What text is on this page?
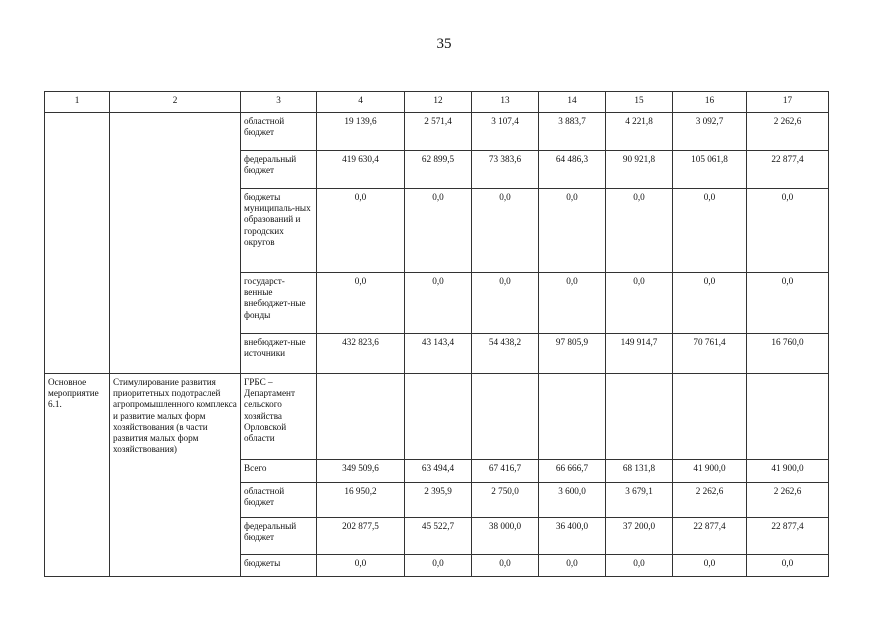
35
1	2	3	4	12	13	14	15	16	17
		областной бюджет	19 139,6	2 571,4	3 107,4	3 883,7	4 221,8	3 092,7	2 262,6
		федеральный бюджет	419 630,4	62 899,5	73 383,6	64 486,3	90 921,8	105 061,8	22 877,4
		бюджеты муниципаль-ных образований и городских округов	0,0	0,0	0,0	0,0	0,0	0,0	0,0
		государст-венные внебюджет-ные фонды	0,0	0,0	0,0	0,0	0,0	0,0	0,0
		внебюджет-ные источники	432 823,6	43 143,4	54 438,2	97 805,9	149 914,7	70 761,4	16 760,0
Основное мероприятие 6.1.	Стимулирование развития приоритетных подотраслей агропромышленного комплекса и развитие малых форм хозяйствования (в части развития малых форм хозяйствования)	ГРБС – Департамент сельского хозяйства Орловской области							
		Всего	349 509,6	63 494,4	67 416,7	66 666,7	68 131,8	41 900,0	41 900,0
		областной бюджет	16 950,2	2 395,9	2 750,0	3 600,0	3 679,1	2 262,6	2 262,6
		федеральный бюджет	202 877,5	45 522,7	38 000,0	36 400,0	37 200,0	22 877,4	22 877,4
		бюджеты	0,0	0,0	0,0	0,0	0,0	0,0	0,0
